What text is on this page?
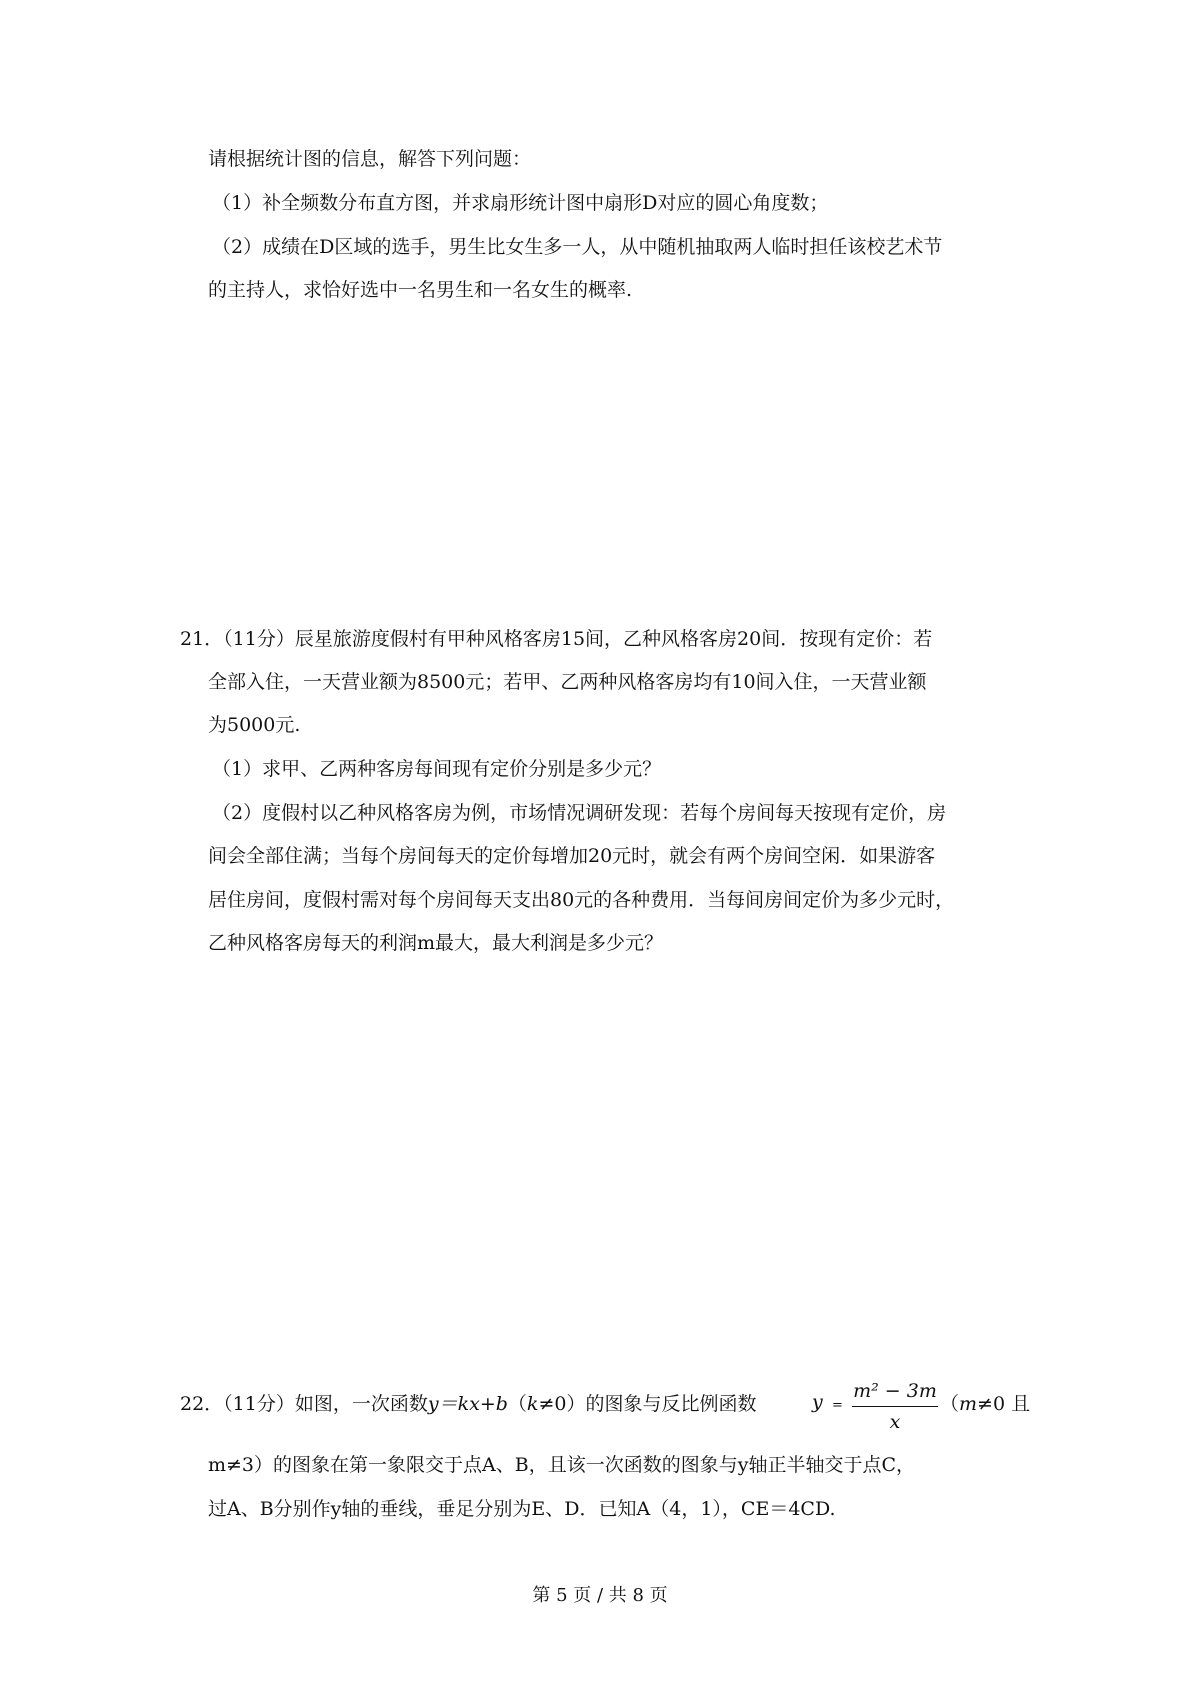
请根据统计图的信息，解答下列问题：
（1）补全频数分布直方图，并求扇形统计图中扇形D对应的圆心角度数；
（2）成绩在D区域的选手，男生比女生多一人，从中随机抽取两人临时担任该校艺术节
的主持人，求恰好选中一名男生和一名女生的概率.
21．（11分）辰星旅游度假村有甲种风格客房15间，乙种风格客房20间．按现有定价：若
全部入住，一天营业额为8500元；若甲、乙两种风格客房均有10间入住，一天营业额
为5000元.
（1）求甲、乙两种客房每间现有定价分别是多少元？
（2）度假村以乙种风格客房为例，市场情况调研发现：若每个房间每天按现有定价，房
间会全部住满；当每个房间每天的定价每增加20元时，就会有两个房间空闲．如果游客
居住房间，度假村需对每个房间每天支出80元的各种费用．当每间房间定价为多少元时，
乙种风格客房每天的利润m最大，最大利润是多少元？
22．（11分）如图，一次函数y＝kx+b（k≠0）的图象与反比例函数	y =
m² − 3m
x
（m≠0 且
m≠3）的图象在第一象限交于点A、B，且该一次函数的图象与y轴正半轴交于点C，
过A、B分别作y轴的垂线，垂足分别为E、D．已知A（4，1），CE＝4CD.
第 5 页 / 共 8 页
